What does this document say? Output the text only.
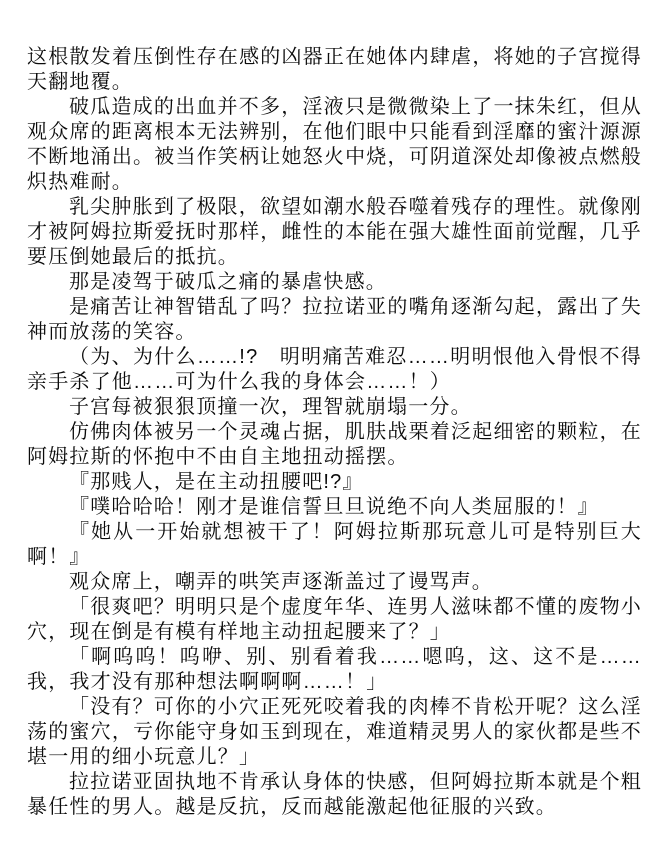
这根散发着压倒性存在感的凶器正在她体内肆虐，将她的子宫搅得天翻地覆。

破瓜造成的出血并不多，淫液只是微微染上了一抹朱红，但从观众席的距离根本无法辨别，在他们眼中只能看到淫靡的蜜汁源源不断地涌出。被当作笑柄让她怒火中烧，可阴道深处却像被点燃般炽热难耐。

乳尖肿胀到了极限，欲望如潮水般吞噬着残存的理性。就像刚才被阿姆拉斯爱抚时那样，雌性的本能在强大雄性面前觉醒，几乎要压倒她最后的抵抗。

那是凌驾于破瓜之痛的暴虐快感。

是痛苦让神智错乱了吗？拉拉诺亚的嘴角逐渐勾起，露出了失神而放荡的笑容。

（为、为什么……!?　明明痛苦难忍……明明恨他入骨恨不得亲手杀了他……可为什么我的身体会……！）

子宫每被狠狠顶撞一次，理智就崩塌一分。

仿佛肉体被另一个灵魂占据，肌肤战栗着泛起细密的颗粒，在阿姆拉斯的怀抱中不由自主地扭动摇摆。

『那贱人，是在主动扭腰吧!?』

『噗哈哈哈！刚才是谁信誓旦旦说绝不向人类屈服的！』

『她从一开始就想被干了！阿姆拉斯那玩意儿可是特别巨大啊！』

观众席上，嘲弄的哄笑声逐渐盖过了谩骂声。

「很爽吧？明明只是个虚度年华、连男人滋味都不懂的废物小穴，现在倒是有模有样地主动扭起腰来了？」

「啊呜呜！呜咿、别、别看着我……嗯呜，这、这不是……我，我才没有那种想法啊啊啊……！」

「没有？可你的小穴正死死咬着我的肉棒不肯松开呢？这么淫荡的蜜穴，亏你能守身如玉到现在，难道精灵男人的家伙都是些不堪一用的细小玩意儿？」

拉拉诺亚固执地不肯承认身体的快感，但阿姆拉斯本就是个粗暴任性的男人。越是反抗，反而越能激起他征服的兴致。
